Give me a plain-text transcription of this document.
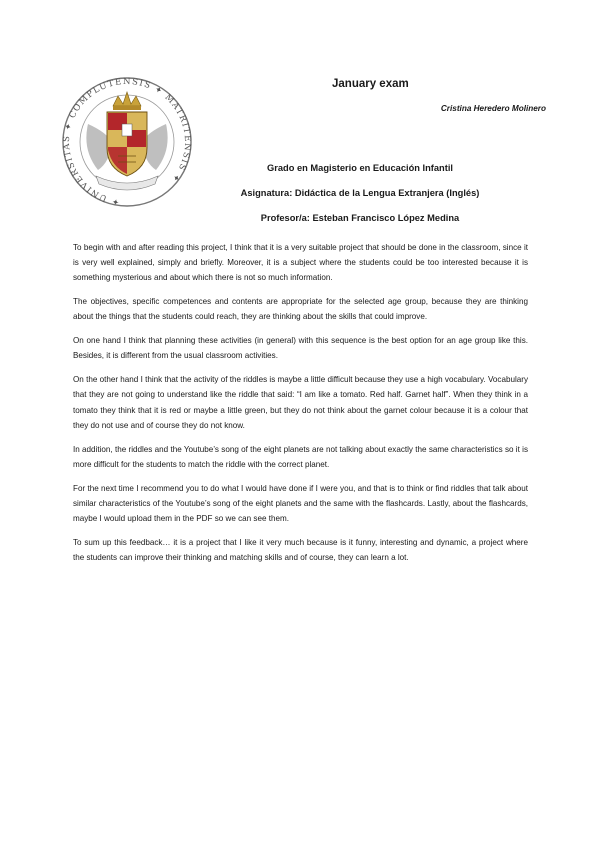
✦ UNIVERSITAS ✦ COMPLUTENSIS ✦ MATRITENSIS ✦
January exam
Cristina Heredero Molinero
Grado en Magisterio en Educación Infantil
Asignatura: Didáctica de la Lengua Extranjera (Inglés)
Profesor/a: Esteban Francisco López Medina

To begin with and after reading this project, I think that it is a very suitable project that should be done in the classroom, since it is very well explained, simply and briefly. Moreover, it is a subject where the students could be too interested because it is something mysterious and about which there is not so much information.

The objectives, specific competences and contents are appropriate for the selected age group, because they are thinking about the things that the students could reach, they are thinking about the skills that could improve.

On one hand I think that planning these activities (in general) with this sequence is the best option for an age group like this. Besides, it is different from the usual classroom activities.

On the other hand I think that the activity of the riddles is maybe a little difficult because they use a high vocabulary. Vocabulary that they are not going to understand like the riddle that said: “I am like a tomato. Red half. Garnet half”. When they think in a tomato they think that it is red or maybe a little green, but they do not think about the garnet colour because it is a colour that they do not use and of course they do not know.

In addition, the riddles and the Youtube’s song of the eight planets are not talking about exactly the same characteristics so it is more difficult for the students to match the riddle with the correct planet.

For the next time I recommend you to do what I would have done if I were you, and that is to think or find riddles that talk about similar characteristics of the Youtube’s song of the eight planets and the same with the flashcards. Lastly, about the flashcards, maybe I would upload them in the PDF so we can see them.

To sum up this feedback… it is a project that I like it very much because is it funny, interesting and dynamic, a project where the students can improve their thinking and matching skills and of course, they can learn a lot.
